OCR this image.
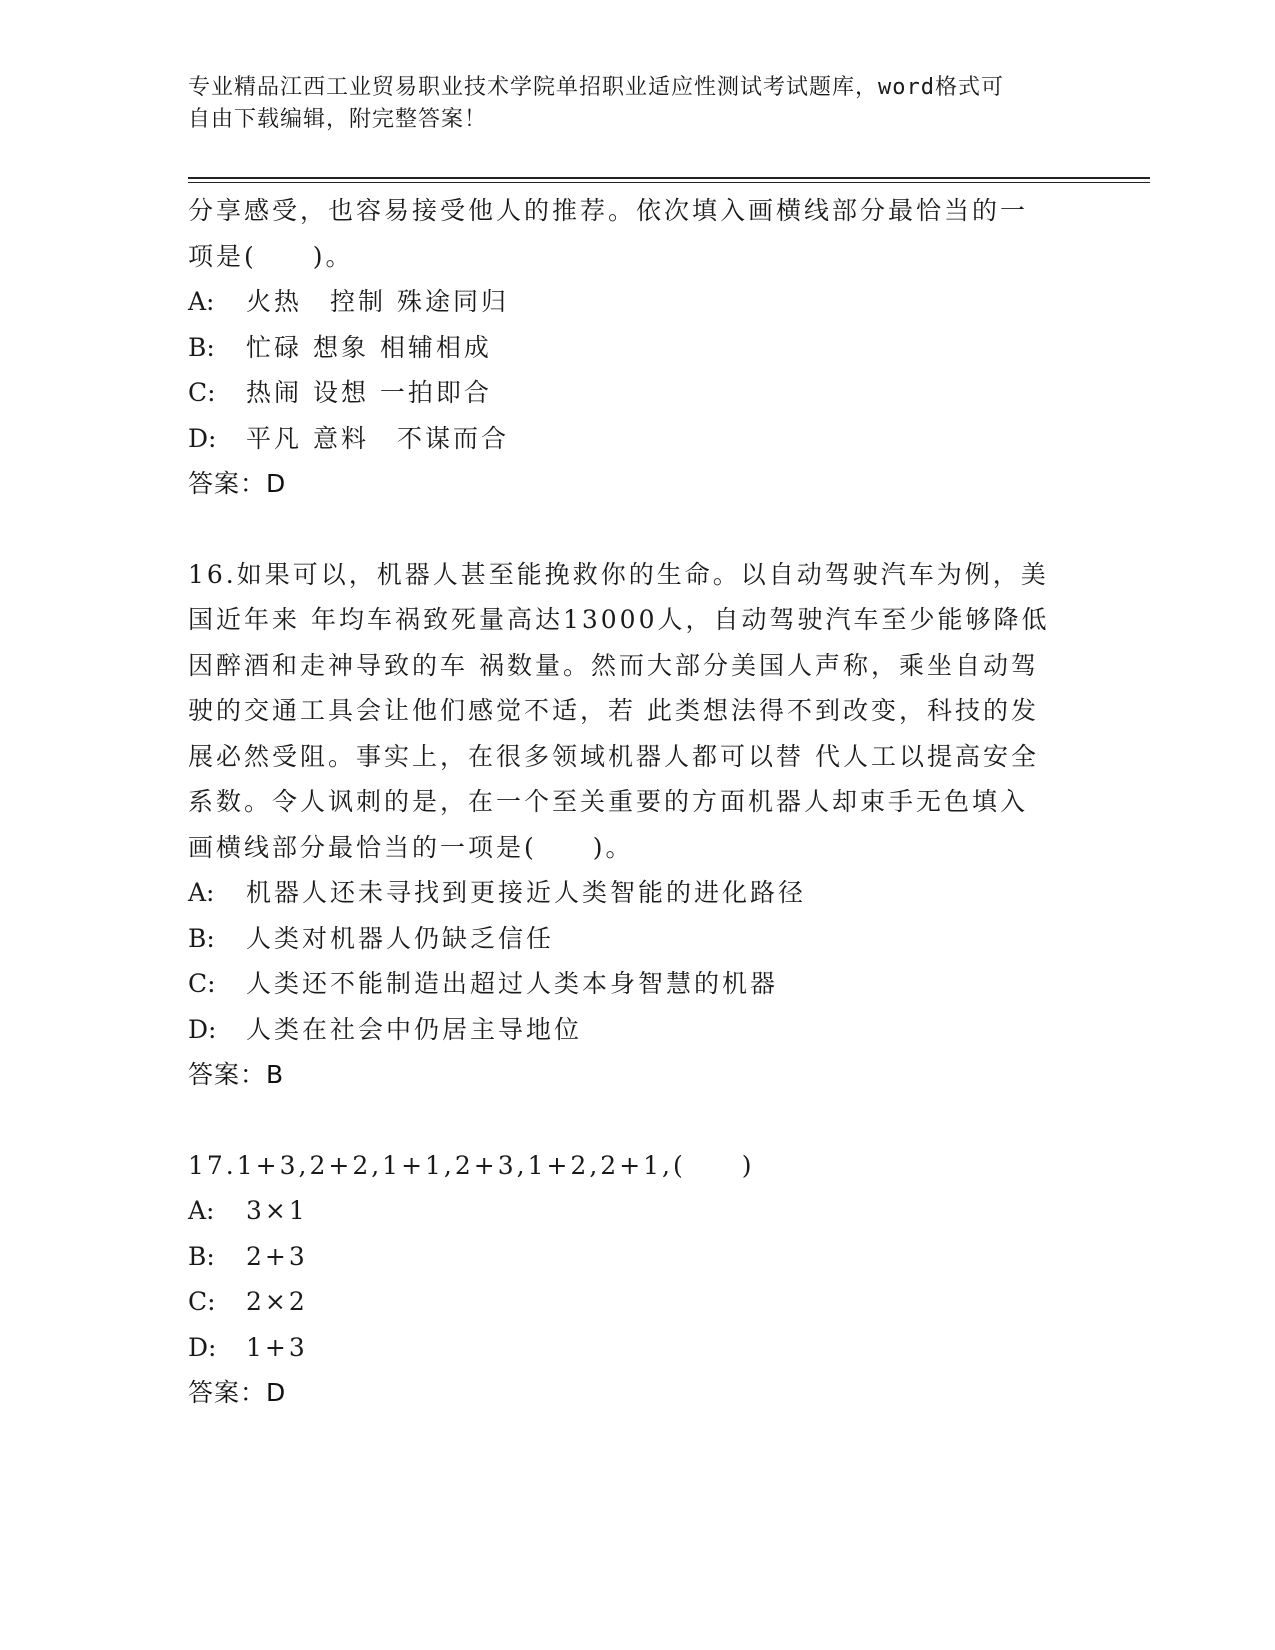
专业精品江西工业贸易职业技术学院单招职业适应性测试考试题库，word格式可
自由下载编辑，附完整答案！
分享感受，也容易接受他人的推荐。依次填入画横线部分最恰当的一
项是(　　)。
A:	火热　控制 殊途同归
B:	忙碌 想象 相辅相成
C:	热闹 设想 一拍即合
D:	平凡 意料　不谋而合
答案：D
16.如果可以，机器人甚至能挽救你的生命。以自动驾驶汽车为例，美
国近年来 年均车祸致死量高达13000人，自动驾驶汽车至少能够降低
因醉酒和走神导致的车 祸数量。然而大部分美国人声称，乘坐自动驾
驶的交通工具会让他们感觉不适，若 此类想法得不到改变，科技的发
展必然受阻。事实上，在很多领域机器人都可以替 代人工以提高安全
系数。令人讽刺的是，在一个至关重要的方面机器人却束手无色填入
画横线部分最恰当的一项是(　　)。
A:	机器人还未寻找到更接近人类智能的进化路径
B:	人类对机器人仍缺乏信任
C:	人类还不能制造出超过人类本身智慧的机器
D:	人类在社会中仍居主导地位
答案：B
17.1+3,2+2,1+1,2+3,1+2,2+1,(　　)
A:	3×1
B:	2+3
C:	2×2
D:	1+3
答案：D
